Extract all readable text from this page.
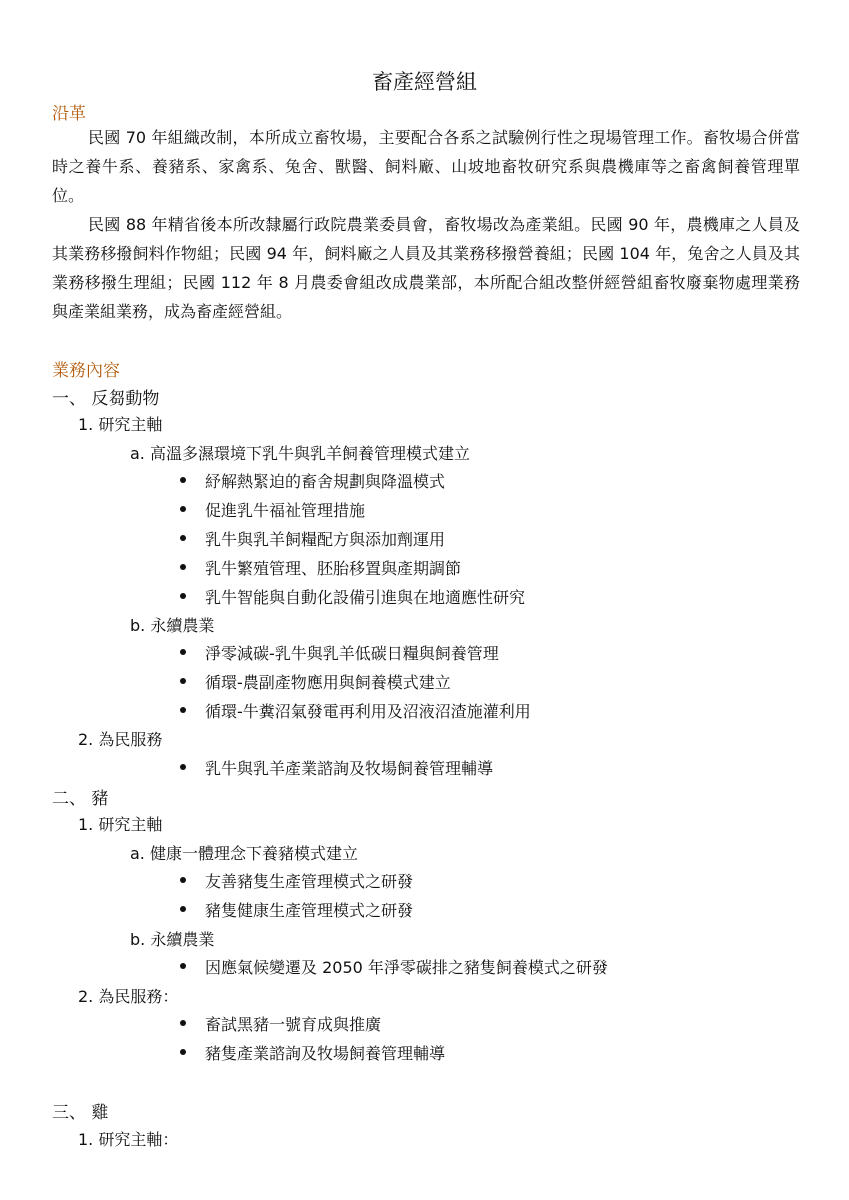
畜產經營組
沿革

民國 70 年組織改制，本所成立畜牧場，主要配合各系之試驗例行性之現場管理工作。畜牧場合併當時之養牛系、養豬系、家禽系、兔舍、獸醫、飼料廠、山坡地畜牧研究系與農機庫等之畜禽飼養管理單位。

民國 88 年精省後本所改隸屬行政院農業委員會，畜牧場改為產業組。民國 90 年，農機庫之人員及其業務移撥飼料作物組；民國 94 年，飼料廠之人員及其業務移撥營養組；民國 104 年，兔舍之人員及其業務移撥生理組；民國 112 年 8 月農委會組改成農業部，本所配合組改整併經營組畜牧廢棄物處理業務與產業組業務，成為畜產經營組。

業務內容
一、 反芻動物
1. 研究主軸
a. 高溫多濕環境下乳牛與乳羊飼養管理模式建立
紓解熱緊迫的畜舍規劃與降溫模式
促進乳牛福祉管理措施
乳牛與乳羊飼糧配方與添加劑運用
乳牛繁殖管理、胚胎移置與產期調節
乳牛智能與自動化設備引進與在地適應性研究
b. 永續農業
淨零減碳-乳牛與乳羊低碳日糧與飼養管理
循環-農副產物應用與飼養模式建立
循環-牛糞沼氣發電再利用及沼液沼渣施灌利用
2. 為民服務
乳牛與乳羊產業諮詢及牧場飼養管理輔導
二、 豬
1. 研究主軸
a. 健康一體理念下養豬模式建立
友善豬隻生產管理模式之研發
豬隻健康生產管理模式之研發
b. 永續農業
因應氣候變遷及 2050 年淨零碳排之豬隻飼養模式之研發
2. 為民服務：
畜試黑豬一號育成與推廣
豬隻產業諮詢及牧場飼養管理輔導
三、 雞
1. 研究主軸：
